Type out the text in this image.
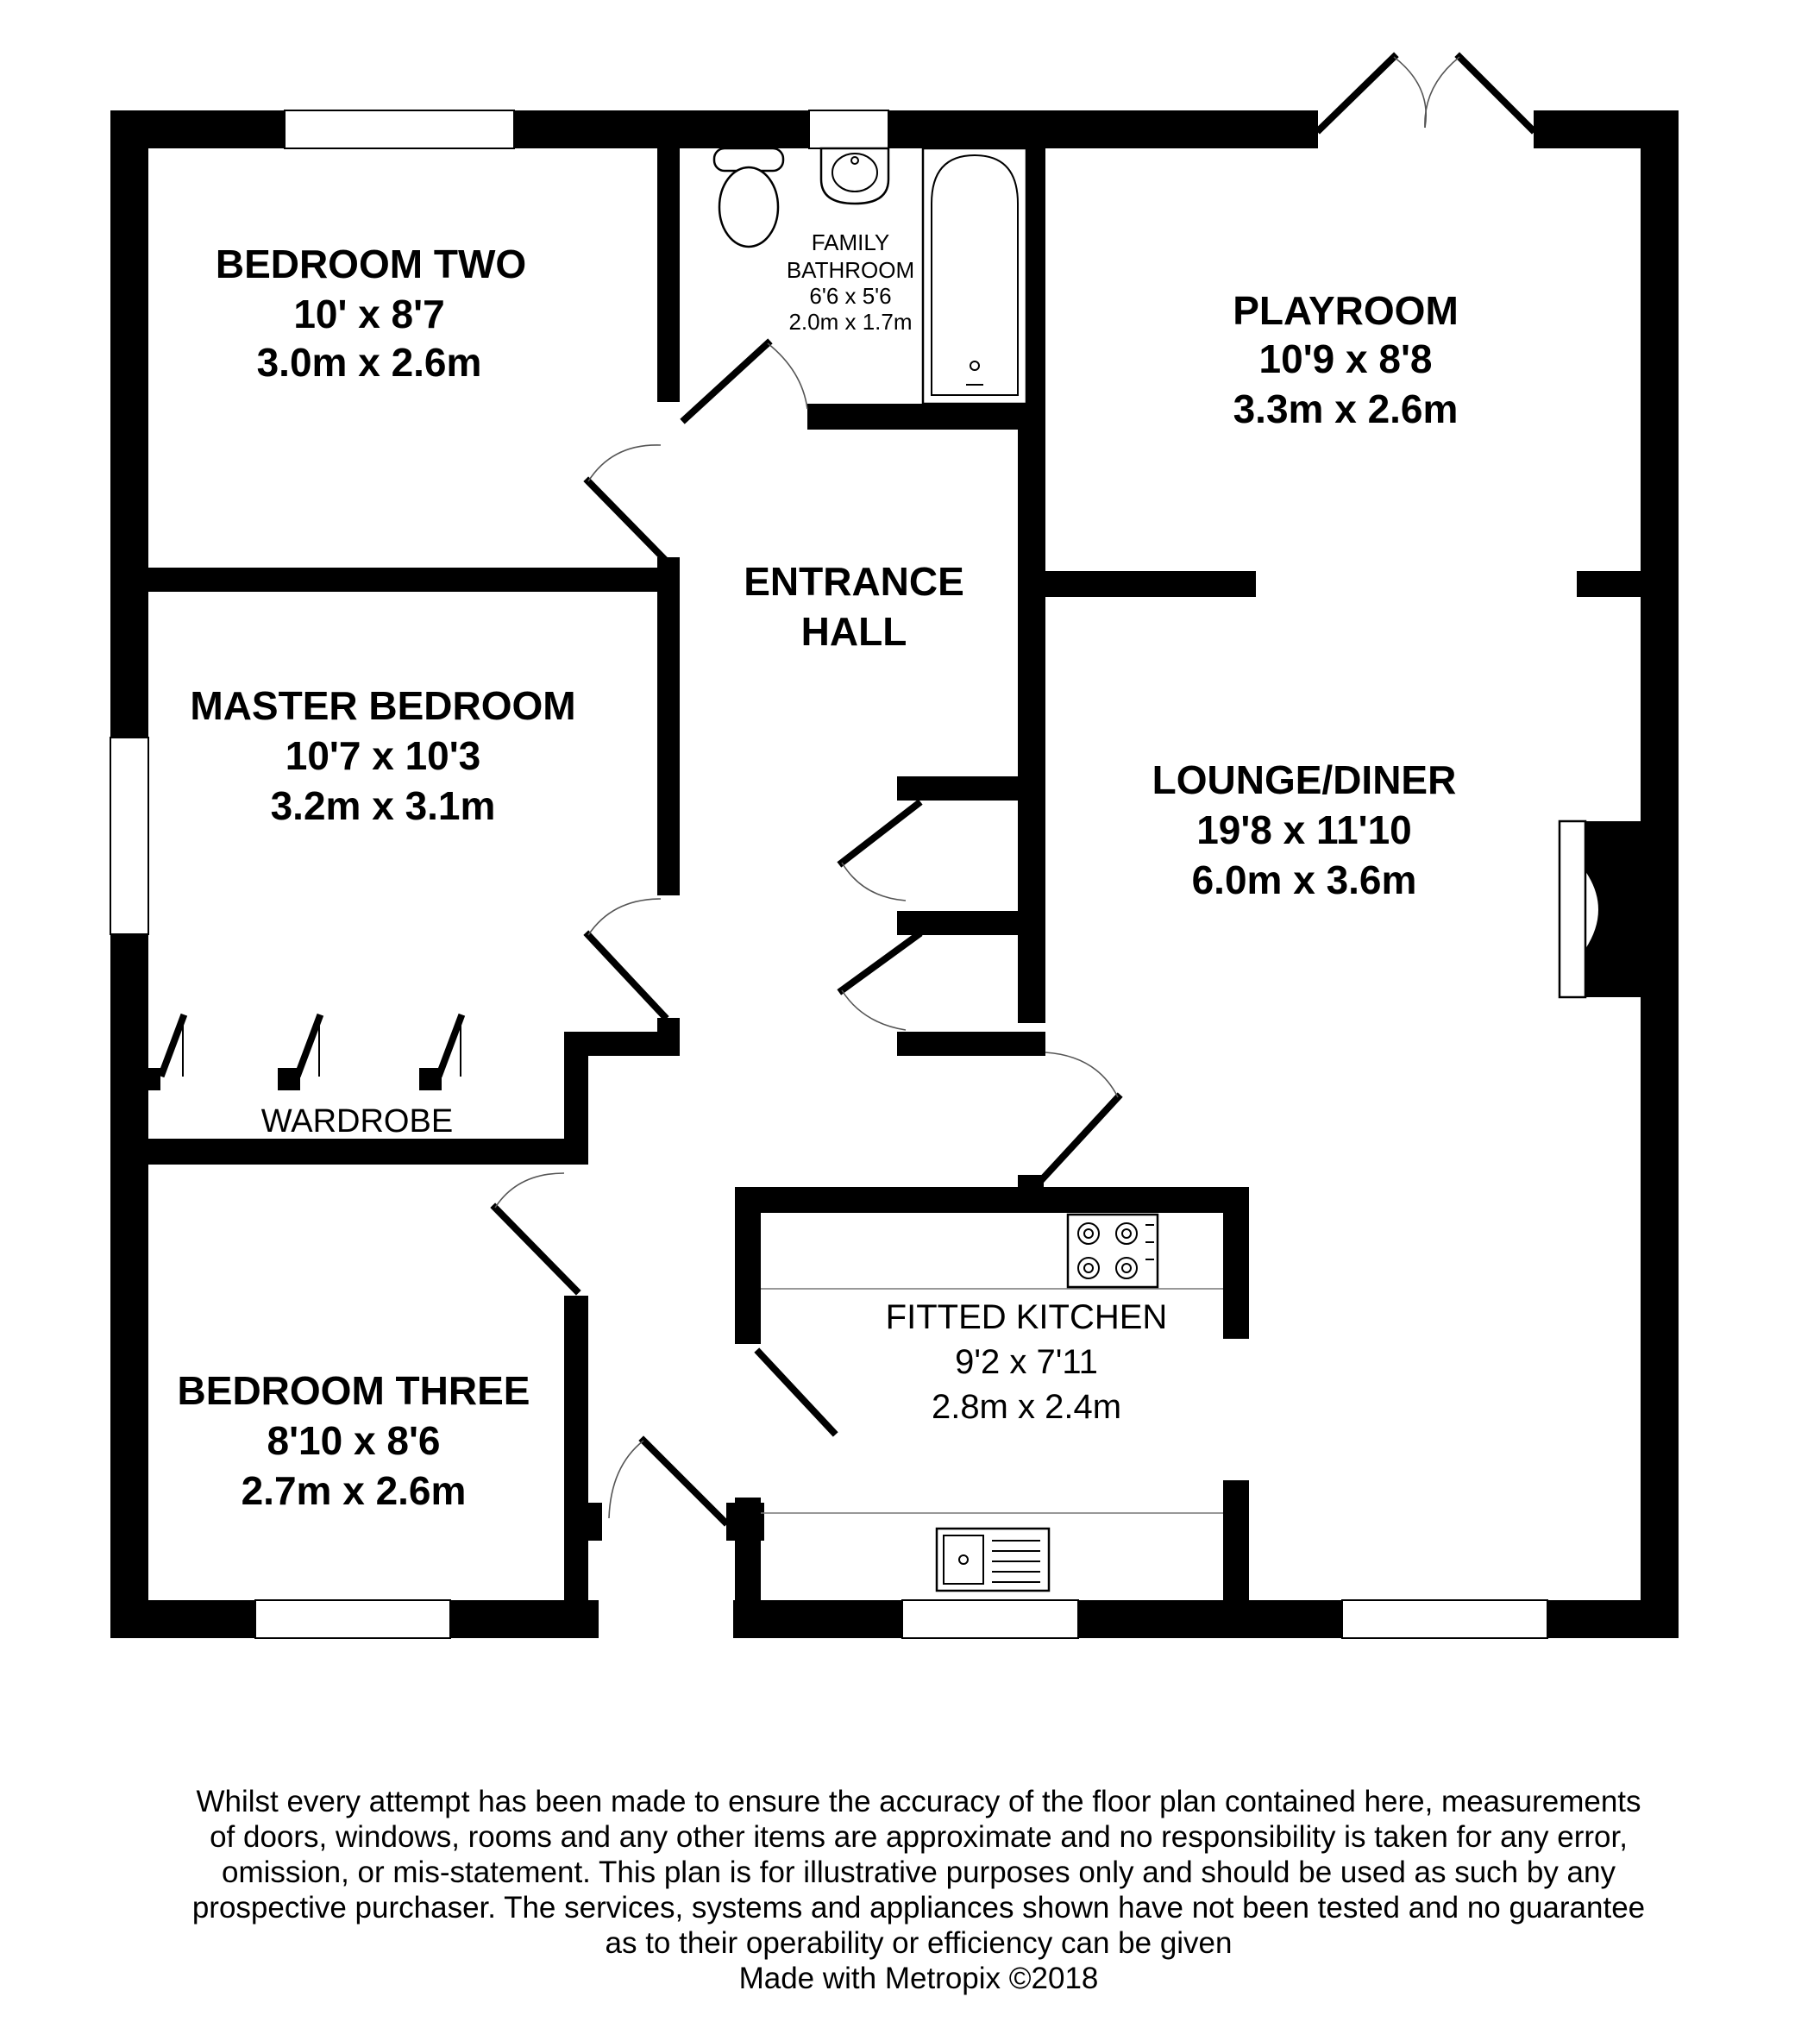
BEDROOM TWO
10' x 8'7
3.0m x 2.6m
FAMILY
BATHROOM
6'6 x 5'6
2.0m x 1.7m	PLAYROOM
10'9 x 8'8
3.3m x 2.6m
ENTRANCE
HALL
MASTER BEDROOM
10'7 x 10'3
3.2m x 3.1m
WARDROBE
LOUNGE/DINER
19'8 x 11'10
6.0m x 3.6m
FITTED KITCHEN
9'2 x 7'11
2.8m x 2.4m
BEDROOM THREE
8'10 x 8'6
2.7m x 2.6m
Whilst every attempt has been made to ensure the accuracy of the floor plan contained here, measurements
of doors, windows, rooms and any other items are approximate and no responsibility is taken for any error,
omission, or mis-statement. This plan is for illustrative purposes only and should be used as such by any
prospective purchaser. The services, systems and appliances shown have not been tested and no guarantee
as to their operability or efficiency can be given
Made with Metropix ©2018
